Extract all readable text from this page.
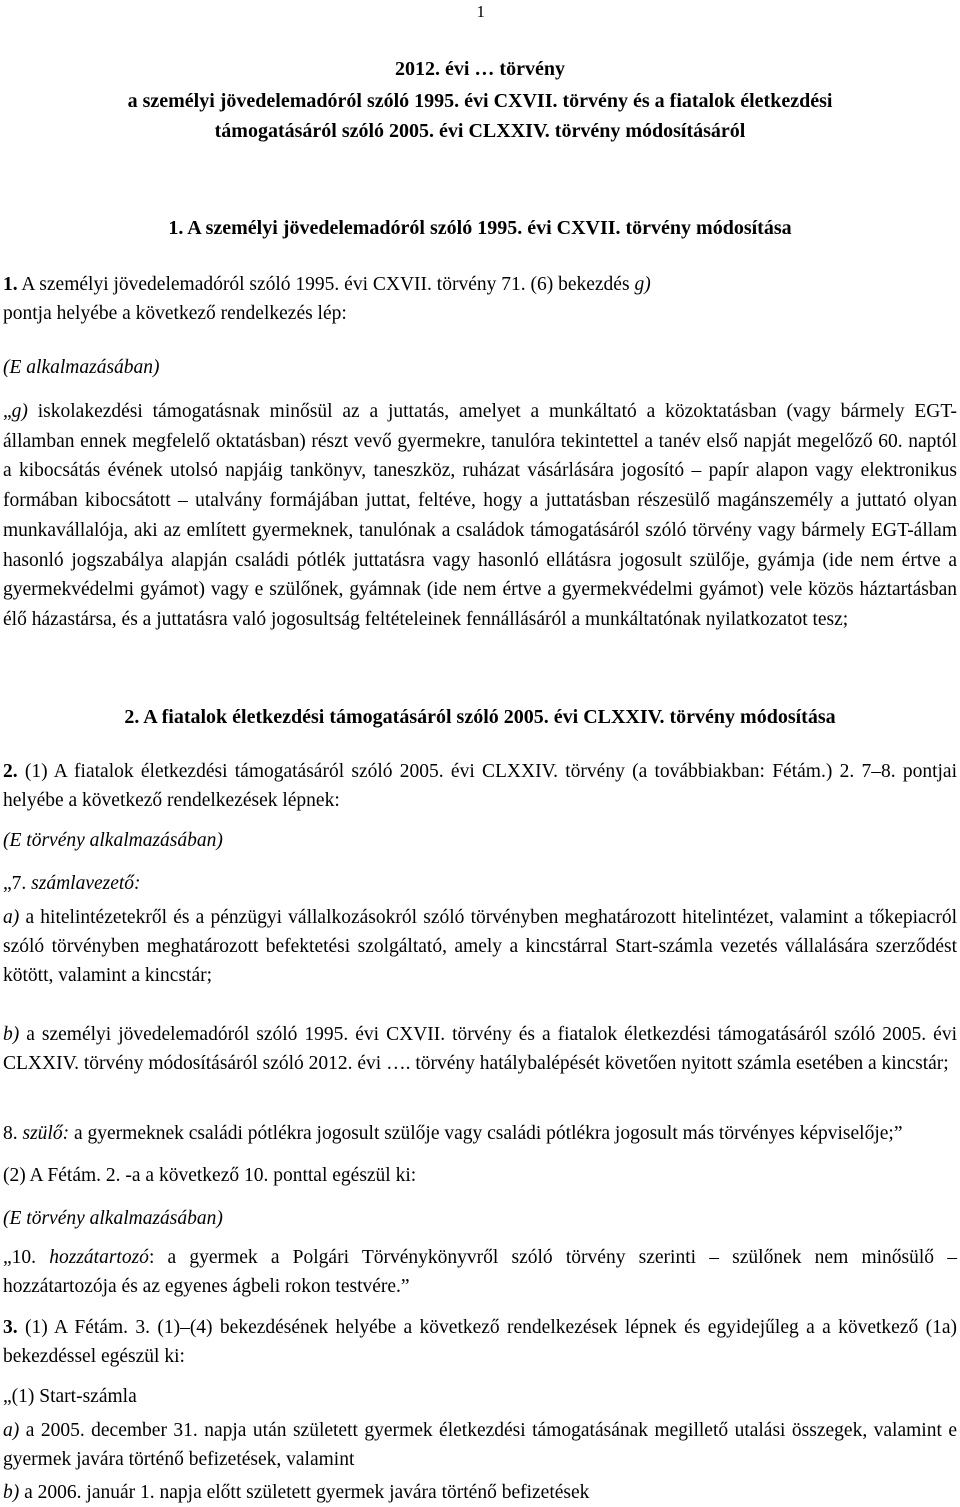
1
2012. évi … törvény
a személyi jövedelemadóról szóló 1995. évi CXVII. törvény és a fiatalok életkezdési
támogatásáról szóló 2005. évi CLXXIV. törvény módosításáról
1. A személyi jövedelemadóról szóló 1995. évi CXVII. törvény módosítása
1. A személyi jövedelemadóról szóló 1995. évi CXVII. törvény 71. (6) bekezdés g)
pontja helyébe a következő rendelkezés lép:
(E alkalmazásában)
„g) iskolakezdési támogatásnak minősül az a juttatás, amelyet a munkáltató a közoktatásban (vagy bármely EGT-államban ennek megfelelő oktatásban) részt vevő gyermekre, tanulóra tekintettel a tanév első napját megelőző 60. naptól a kibocsátás évének utolsó napjáig tankönyv, taneszköz, ruházat vásárlására jogosító – papír alapon vagy elektronikus formában kibocsátott – utalvány formájában juttat, feltéve, hogy a juttatásban részesülő magánszemély a juttató olyan munkavállalója, aki az említett gyermeknek, tanulónak a családok támogatásáról szóló törvény vagy bármely EGT-állam hasonló jogszabálya alapján családi pótlék juttatásra vagy hasonló ellátásra jogosult szülője, gyámja (ide nem értve a gyermekvédelmi gyámot) vagy e szülőnek, gyámnak (ide nem értve a gyermekvédelmi gyámot) vele közös háztartásban élő házastársa, és a juttatásra való jogosultság feltételeinek fennállásáról a munkáltatónak nyilatkozatot tesz;
2. A fiatalok életkezdési támogatásáról szóló 2005. évi CLXXIV. törvény módosítása
2. (1) A fiatalok életkezdési támogatásáról szóló 2005. évi CLXXIV. törvény (a továbbiakban: Fétám.) 2. 7–8. pontjai helyébe a következő rendelkezések lépnek:
(E törvény alkalmazásában)
„7. számlavezető:
a) a hitelintézetekről és a pénzügyi vállalkozásokról szóló törvényben meghatározott hitelintézet, valamint a tőkepiacról szóló törvényben meghatározott befektetési szolgáltató, amely a kincstárral Start-számla vezetés vállalására szerződést kötött, valamint a kincstár;
b) a személyi jövedelemadóról szóló 1995. évi CXVII. törvény és a fiatalok életkezdési támogatásáról szóló 2005. évi CLXXIV. törvény módosításáról szóló 2012. évi …. törvény hatálybalépését követően nyitott számla esetében a kincstár;
8. szülő: a gyermeknek családi pótlékra jogosult szülője vagy családi pótlékra jogosult más törvényes képviselője;”
(2) A Fétám. 2. -a a következő 10. ponttal egészül ki:
(E törvény alkalmazásában)
„10. hozzátartozó: a gyermek a Polgári Törvénykönyvről szóló törvény szerinti – szülőnek nem minősülő – hozzátartozója és az egyenes ágbeli rokon testvére.”
3. (1) A Fétám. 3. (1)–(4) bekezdésének helyébe a következő rendelkezések lépnek és egyidejűleg a a következő (1a) bekezdéssel egészül ki:
„(1) Start-számla
a) a 2005. december 31. napja után született gyermek életkezdési támogatásának megillető utalási összegek, valamint e gyermek javára történő befizetések, valamint
b) a 2006. január 1. napja előtt született gyermek javára történő befizetések
